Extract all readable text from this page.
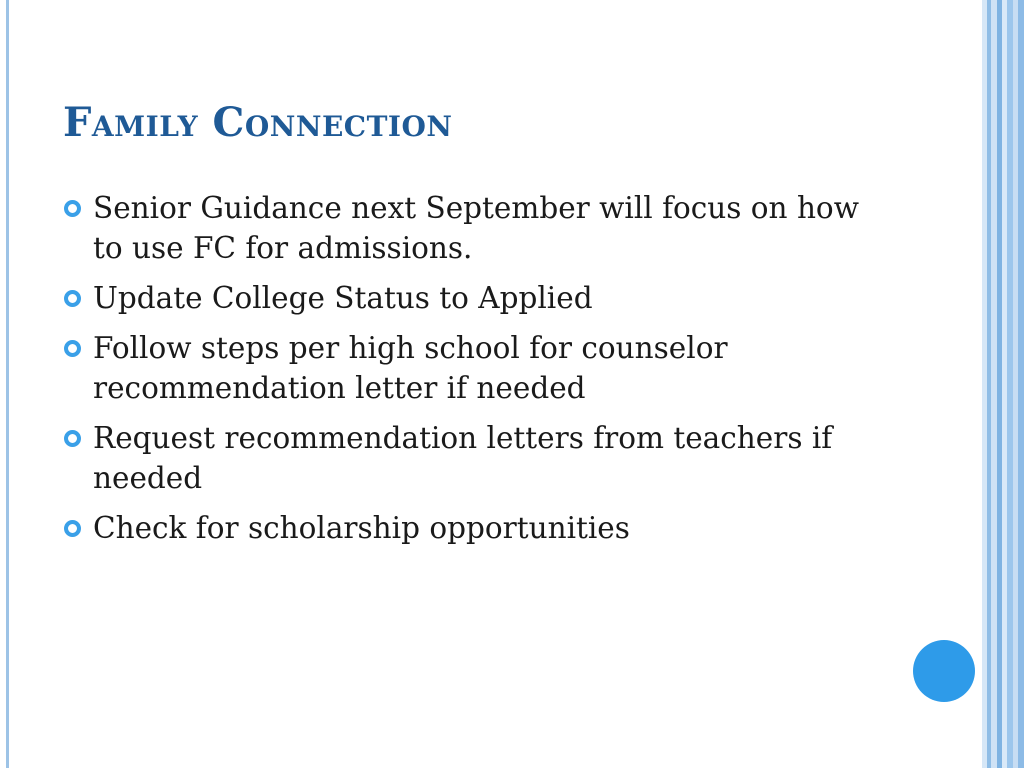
Family Connection
Senior Guidance next September will focus on how to use FC for admissions.
Update College Status to Applied
Follow steps per high school for counselor recommendation letter if needed
Request recommendation letters from teachers if needed
Check for scholarship opportunities
